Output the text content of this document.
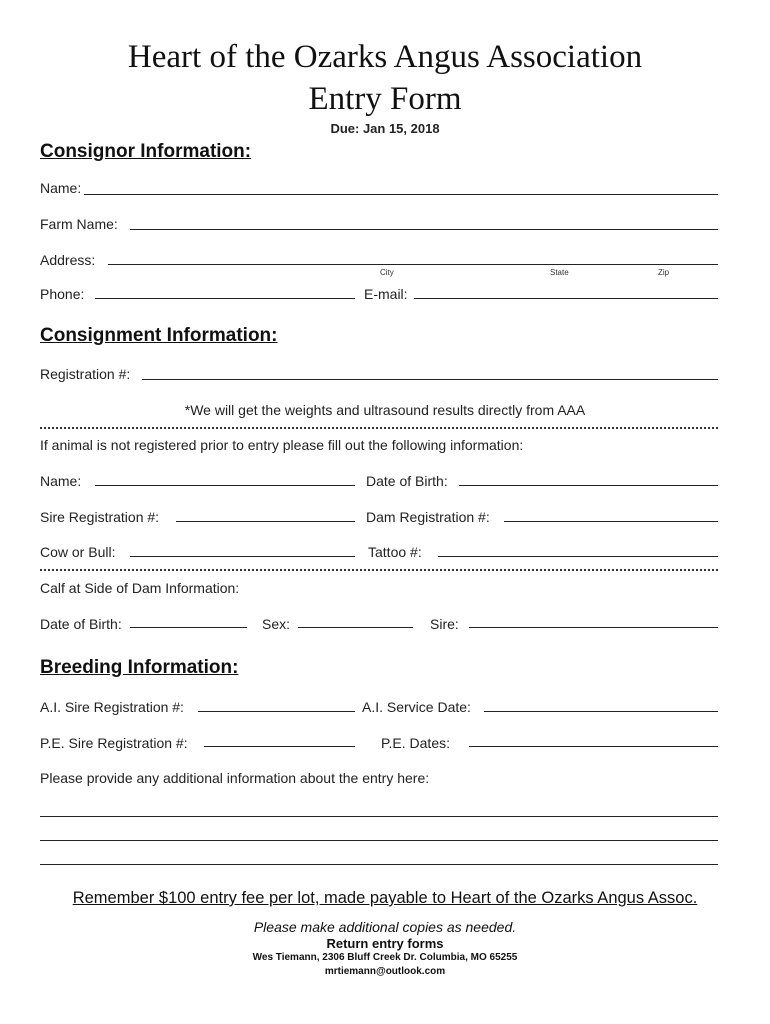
Heart of the Ozarks Angus Association
Entry Form
Due: Jan 15, 2018
Consignor Information:
Name:
Farm Name:
Address:
City	State	Zip
Phone:	E-mail:
Consignment Information:
Registration #:
*We will get the weights and ultrasound results directly from AAA
If animal is not registered prior to entry please fill out the following information:
Name:	Date of Birth:
Sire Registration #:	Dam Registration #:
Cow or Bull:	Tattoo #:
Calf at Side of Dam Information:
Date of Birth:	Sex:	Sire:
Breeding Information:
A.I. Sire Registration #:	A.I. Service Date:
P.E. Sire Registration #:	P.E. Dates:
Please provide any additional information about the entry here:
Remember $100 entry fee per lot, made payable to Heart of the Ozarks Angus Assoc.
Please make additional copies as needed.
Return entry forms
Wes Tiemann, 2306 Bluff Creek Dr. Columbia, MO 65255
mrtiemann@outlook.com
